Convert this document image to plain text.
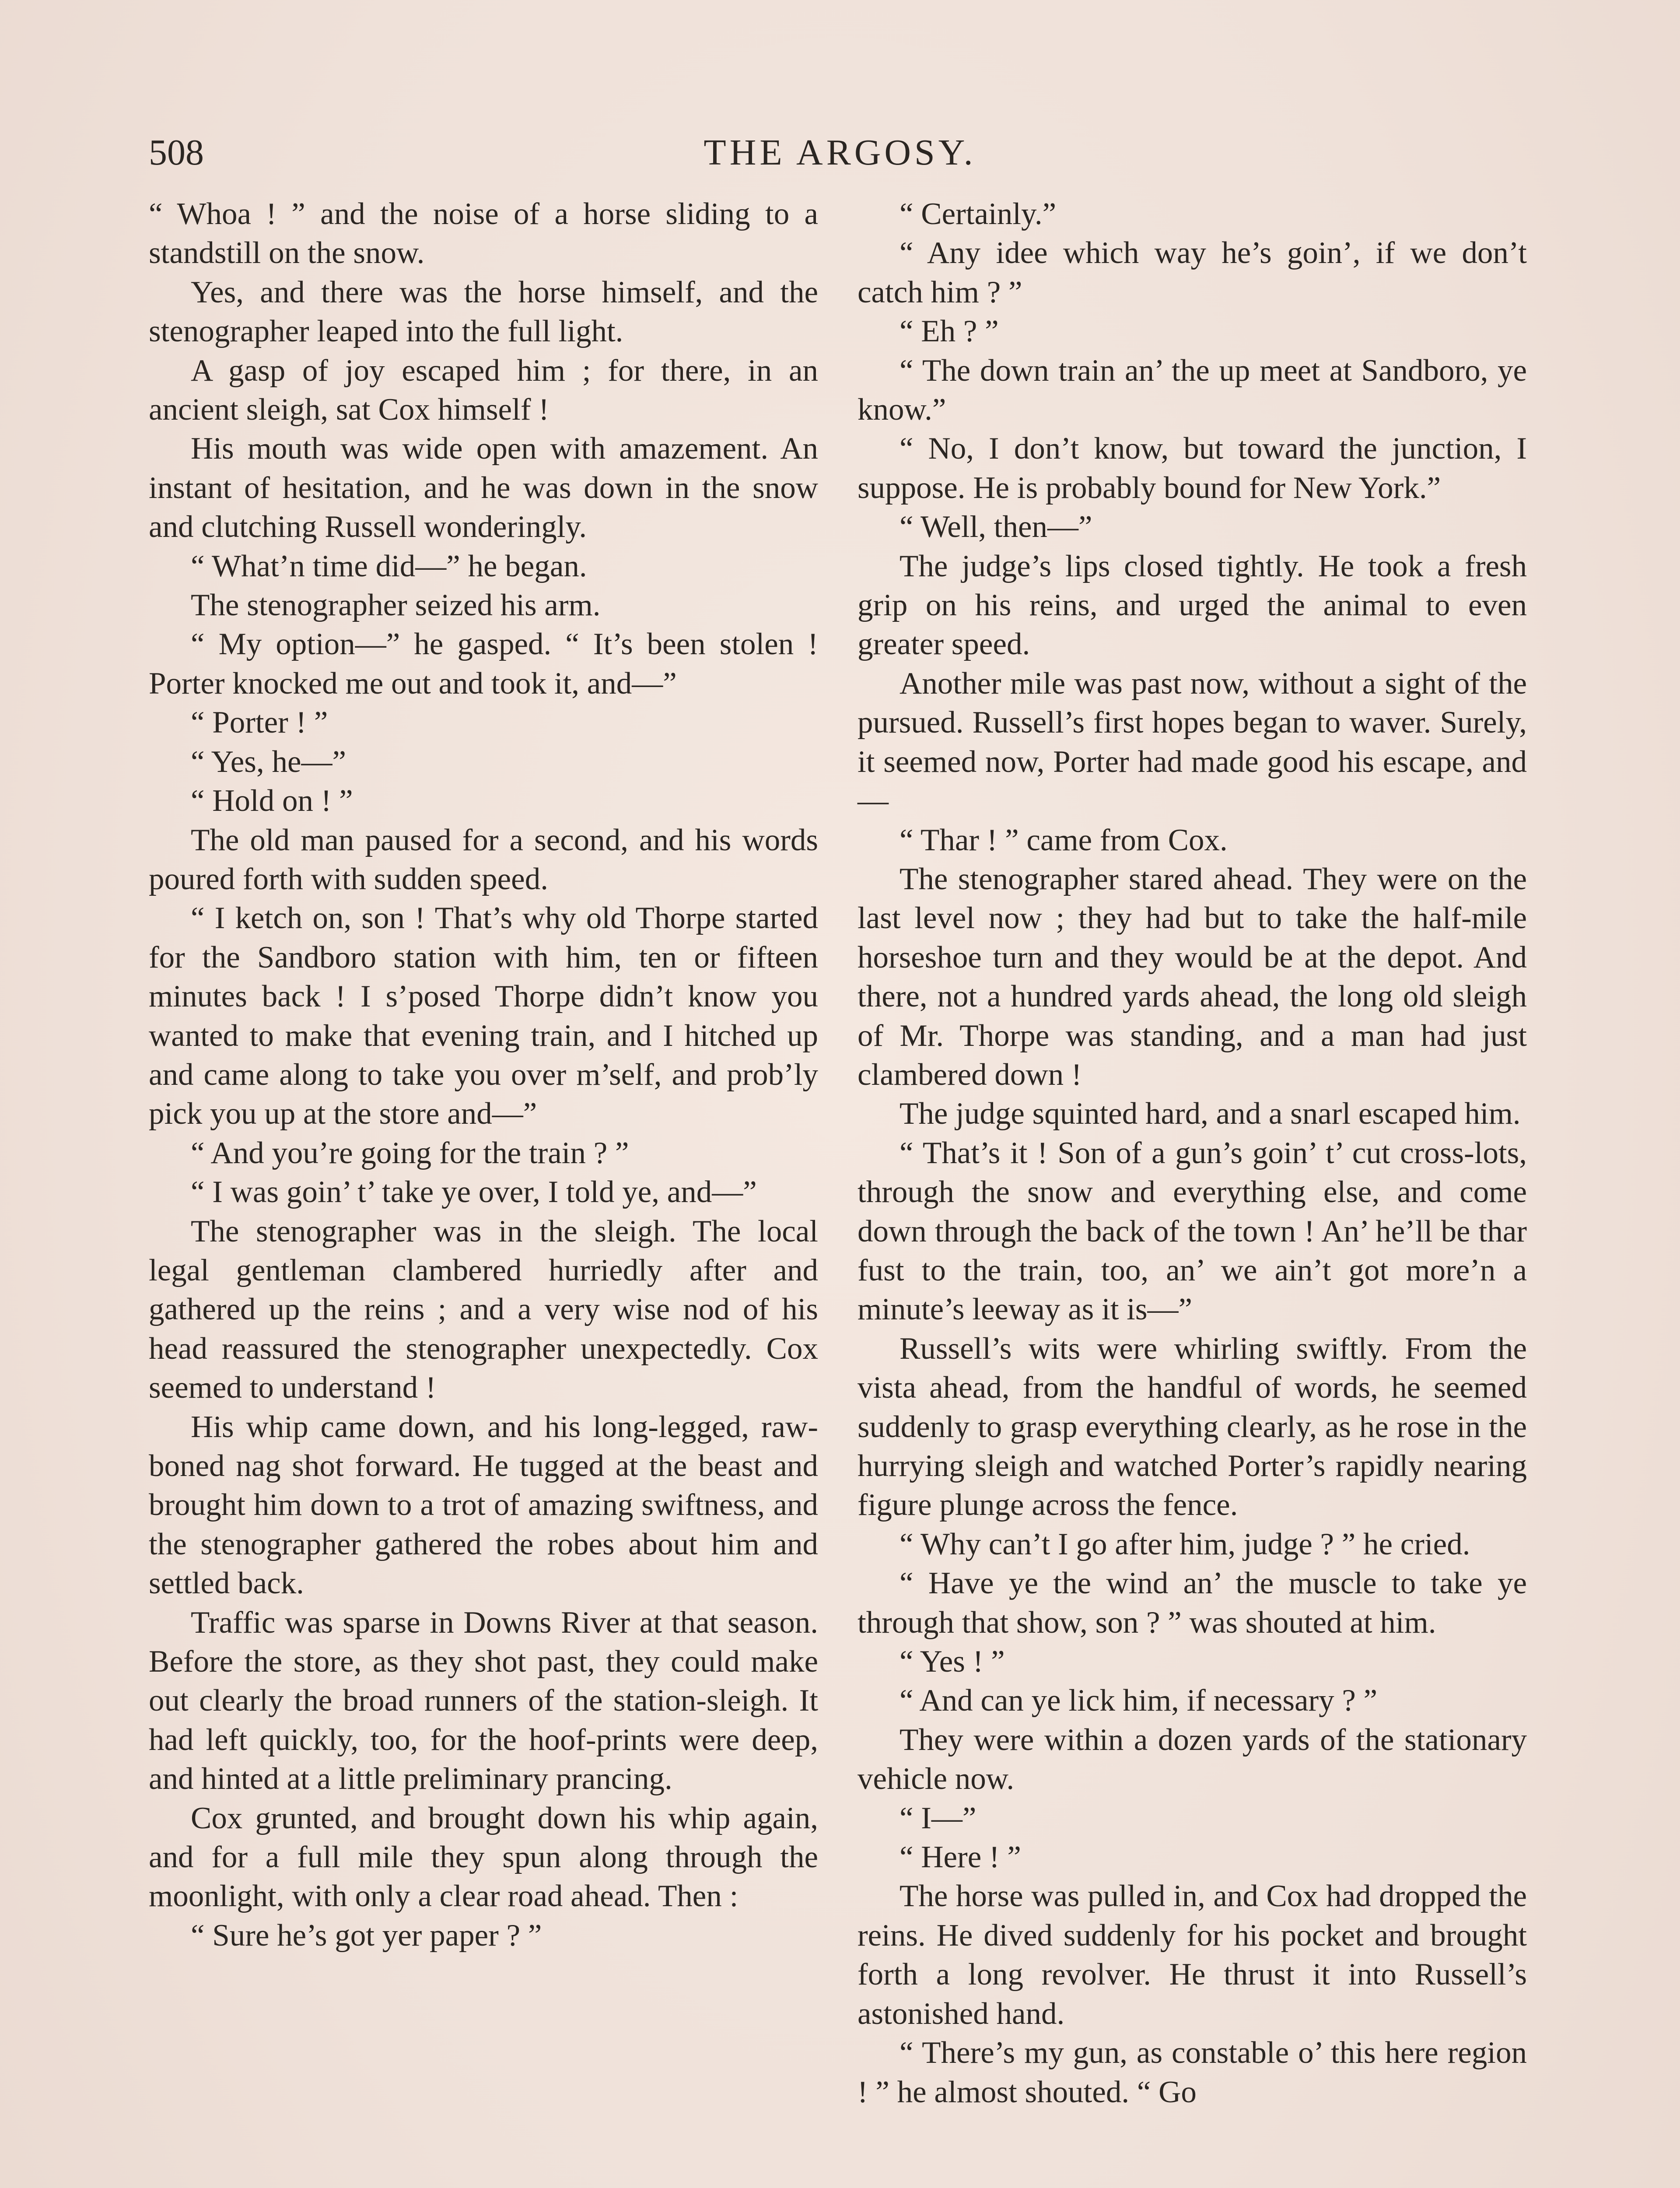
508	THE ARGOSY.

“ Whoa ! ” and the noise of a horse sliding to a standstill on the snow.

Yes, and there was the horse himself, and the stenographer leaped into the full light.

A gasp of joy escaped him ; for there, in an ancient sleigh, sat Cox himself !

His mouth was wide open with amazement. An instant of hesitation, and he was down in the snow and clutching Russell wonderingly.

“ What’n time did—” he began.

The stenographer seized his arm.

“ My option—” he gasped. “ It’s been stolen ! Porter knocked me out and took it, and—”

“ Porter ! ”

“ Yes, he—”

“ Hold on ! ”

The old man paused for a second, and his words poured forth with sudden speed.

“ I ketch on, son ! That’s why old Thorpe started for the Sandboro station with him, ten or fifteen minutes back ! I s’posed Thorpe didn’t know you wanted to make that evening train, and I hitched up and came along to take you over m’self, and prob’ly pick you up at the store and—”

“ And you’re going for the train ? ”

“ I was goin’ t’ take ye over, I told ye, and—”

The stenographer was in the sleigh. The local legal gentleman clambered hurriedly after and gathered up the reins ; and a very wise nod of his head reassured the stenographer unexpectedly. Cox seemed to understand !

His whip came down, and his long-legged, raw-boned nag shot forward. He tugged at the beast and brought him down to a trot of amazing swiftness, and the stenographer gathered the robes about him and settled back.

Traffic was sparse in Downs River at that season. Before the store, as they shot past, they could make out clearly the broad runners of the station-sleigh. It had left quickly, too, for the hoof-prints were deep, and hinted at a little preliminary prancing.

Cox grunted, and brought down his whip again, and for a full mile they spun along through the moonlight, with only a clear road ahead. Then :

“ Sure he’s got yer paper ? ”

“ Certainly.”

“ Any idee which way he’s goin’, if we don’t catch him ? ”

“ Eh ? ”

“ The down train an’ the up meet at Sandboro, ye know.”

“ No, I don’t know, but toward the junction, I suppose. He is probably bound for New York.”

“ Well, then—”

The judge’s lips closed tightly. He took a fresh grip on his reins, and urged the animal to even greater speed.

Another mile was past now, without a sight of the pursued. Russell’s first hopes began to waver. Surely, it seemed now, Porter had made good his escape, and—

“ Thar ! ” came from Cox.

The stenographer stared ahead. They were on the last level now ; they had but to take the half-mile horseshoe turn and they would be at the depot. And there, not a hundred yards ahead, the long old sleigh of Mr. Thorpe was standing, and a man had just clambered down !

The judge squinted hard, and a snarl escaped him.

“ That’s it ! Son of a gun’s goin’ t’ cut cross-lots, through the snow and everything else, and come down through the back of the town ! An’ he’ll be thar fust to the train, too, an’ we ain’t got more’n a minute’s leeway as it is—”

Russell’s wits were whirling swiftly. From the vista ahead, from the handful of words, he seemed suddenly to grasp everything clearly, as he rose in the hurrying sleigh and watched Porter’s rapidly nearing figure plunge across the fence.

“ Why can’t I go after him, judge ? ” he cried.

“ Have ye the wind an’ the muscle to take ye through that show, son ? ” was shouted at him.

“ Yes ! ”

“ And can ye lick him, if necessary ? ”

They were within a dozen yards of the stationary vehicle now.

“ I—”

“ Here ! ”

The horse was pulled in, and Cox had dropped the reins. He dived suddenly for his pocket and brought forth a long revolver. He thrust it into Russell’s astonished hand.

“ There’s my gun, as constable o’ this here region ! ” he almost shouted. “ Go
